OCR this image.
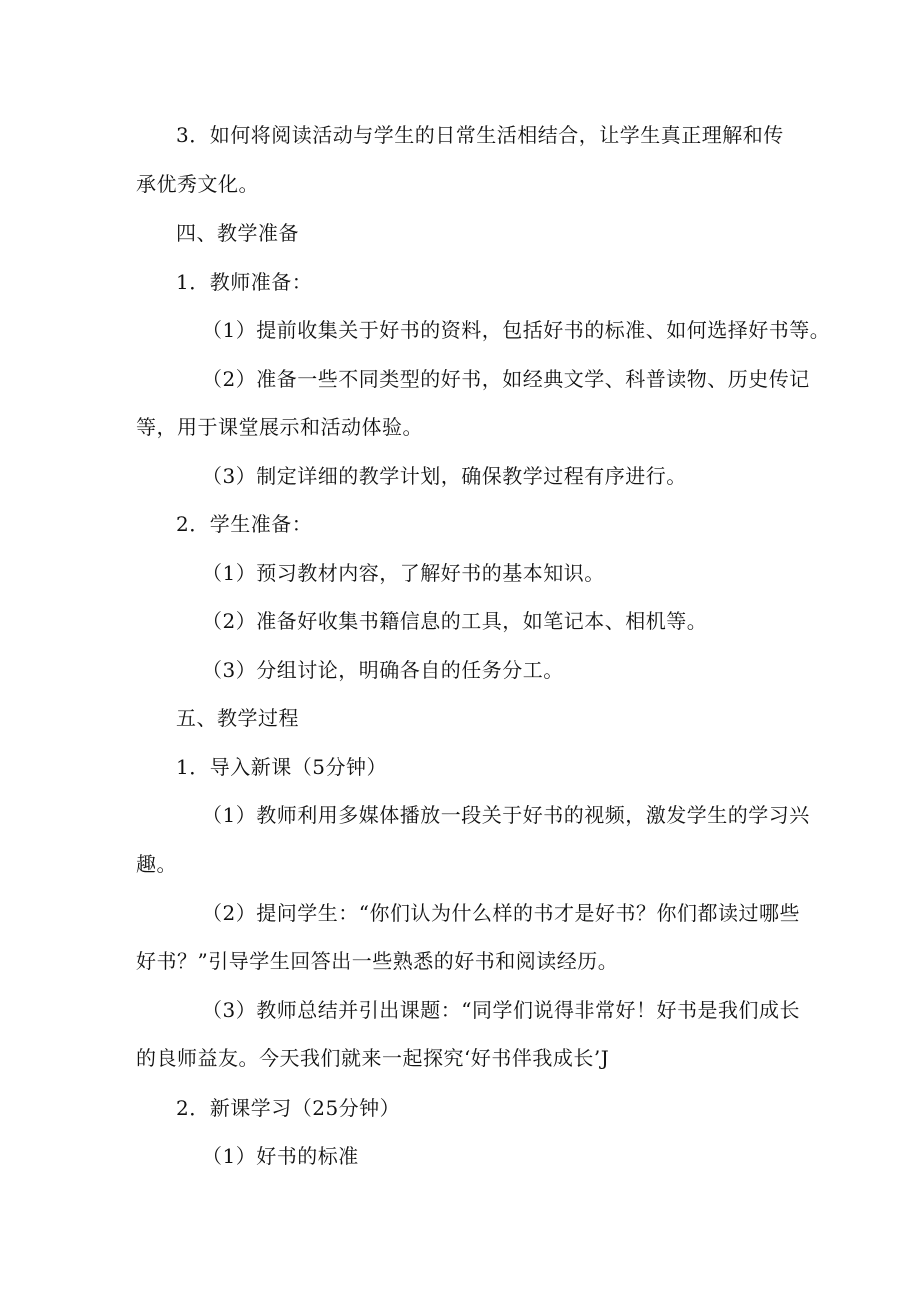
3．如何将阅读活动与学生的日常生活相结合，让学生真正理解和传
承优秀文化。
四、教学准备
1．教师准备：
（1）提前收集关于好书的资料，包括好书的标准、如何选择好书等。
（2）准备一些不同类型的好书，如经典文学、科普读物、历史传记
等，用于课堂展示和活动体验。
（3）制定详细的教学计划，确保教学过程有序进行。
2．学生准备：
（1）预习教材内容，了解好书的基本知识。
（2）准备好收集书籍信息的工具，如笔记本、相机等。
（3）分组讨论，明确各自的任务分工。
五、教学过程
1．导入新课（5分钟）
（1）教师利用多媒体播放一段关于好书的视频，激发学生的学习兴
趣。
（2）提问学生：“你们认为什么样的书才是好书？你们都读过哪些
好书？”引导学生回答出一些熟悉的好书和阅读经历。
（3）教师总结并引出课题：“同学们说得非常好！好书是我们成长
的良师益友。今天我们就来一起探究‘好书伴我成长’J
2．新课学习（25分钟）
（1）好书的标准
